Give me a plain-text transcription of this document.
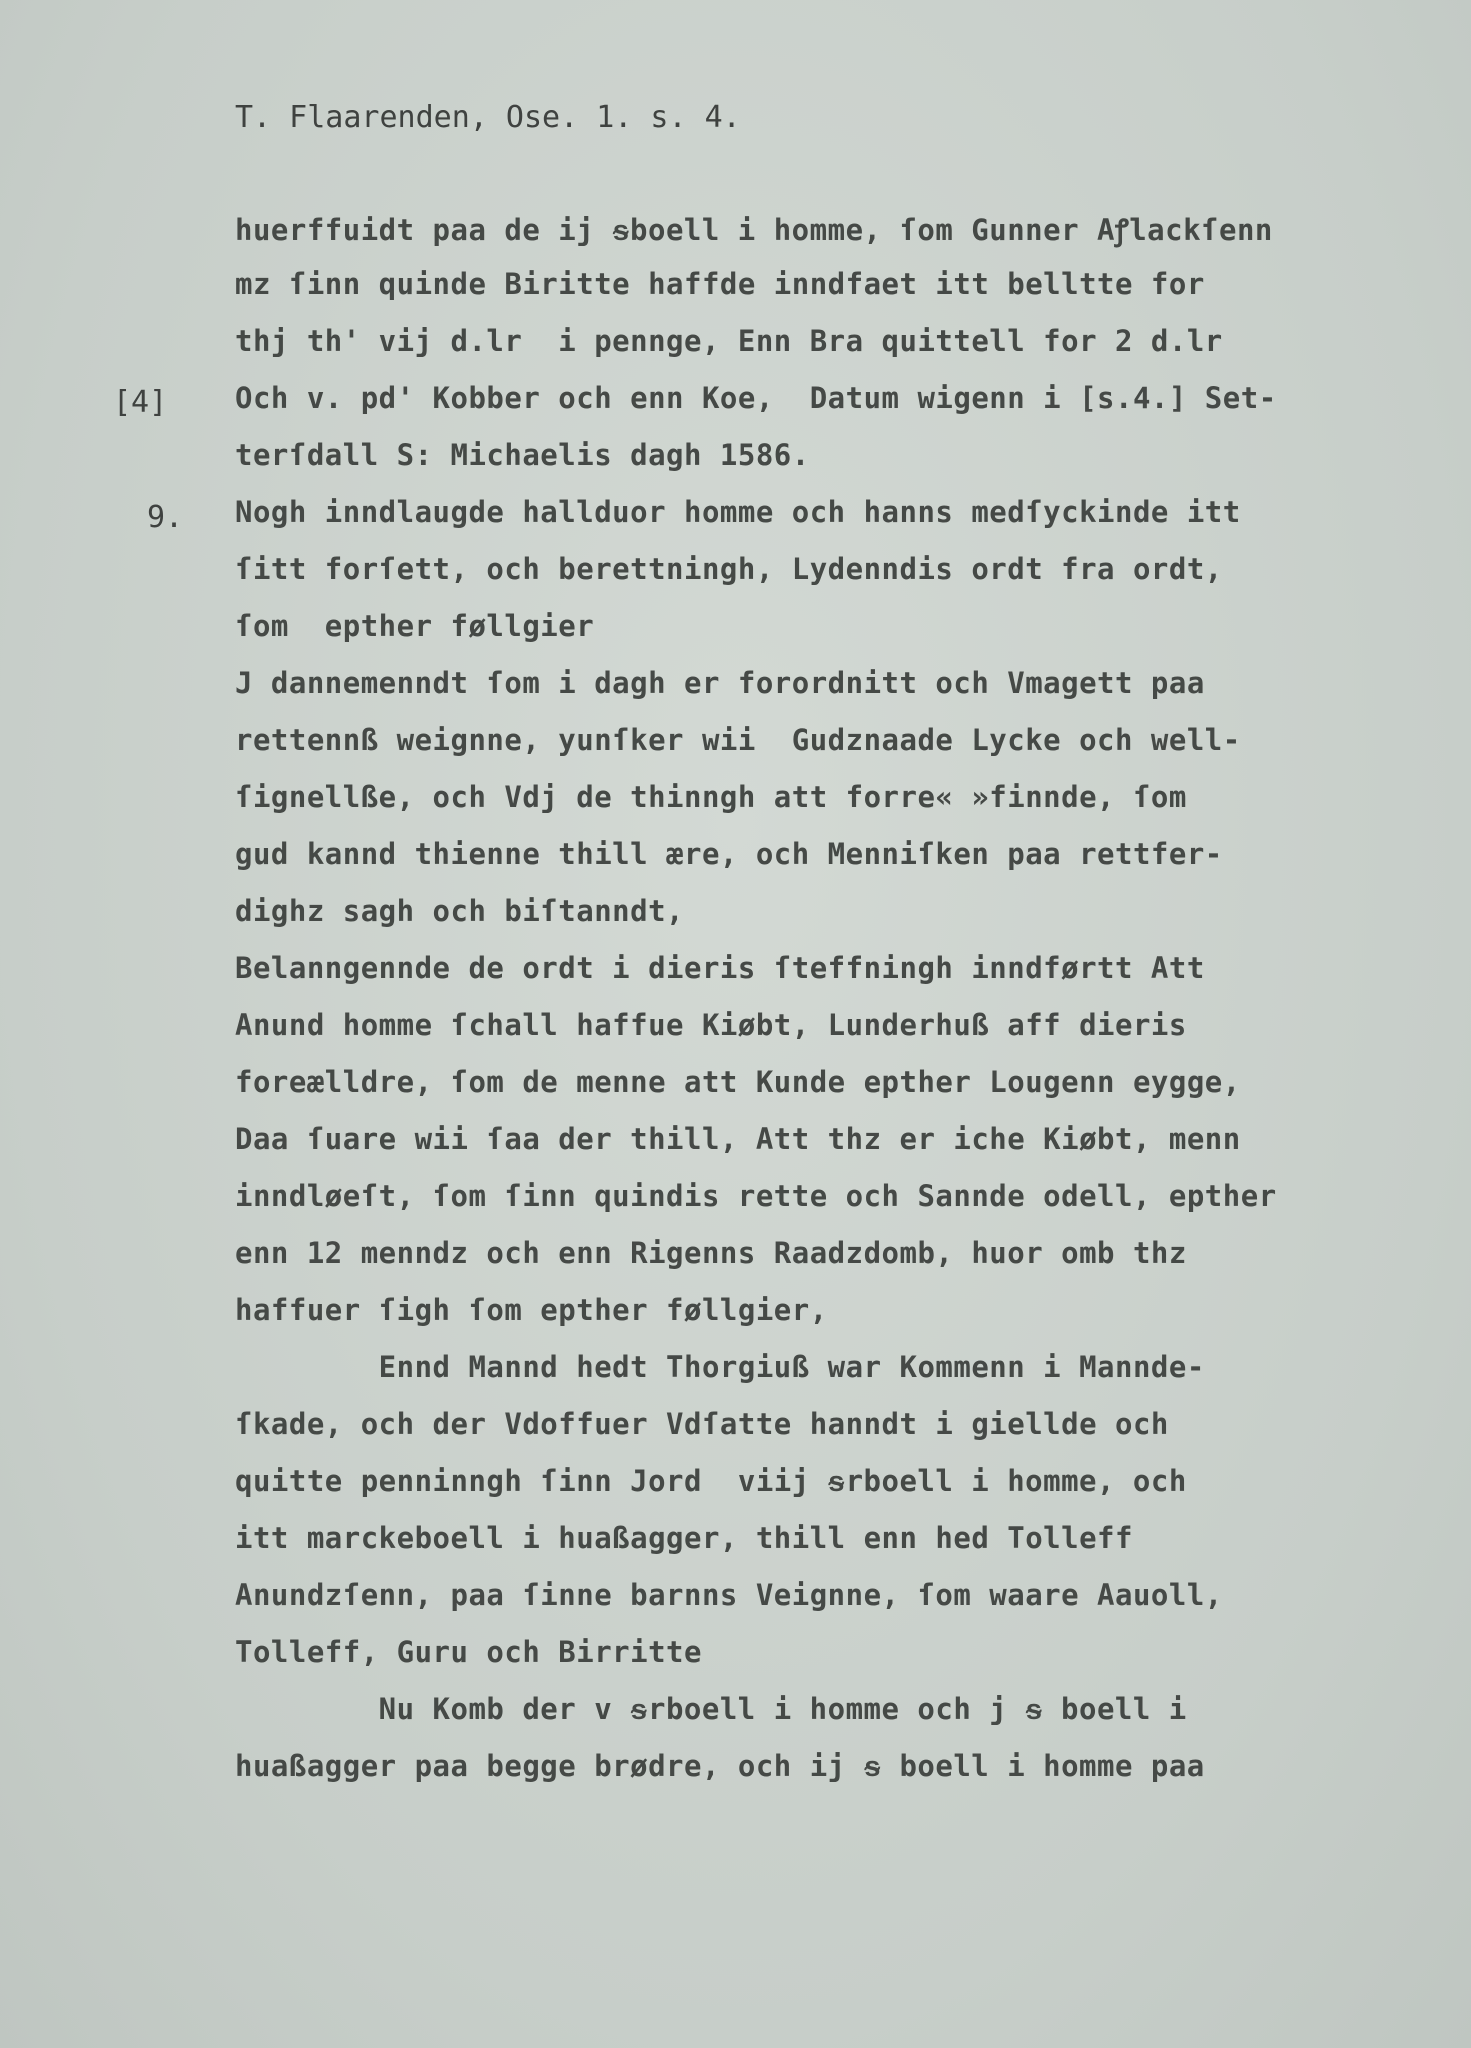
T. Flaarenden, Ose. 1. s. 4.
[4]
9.
huerffuidt paa de ij ᵴboell i homme, ſom Gunner Aꝭlackſenn
mz ſinn quinde Biritte haffde inndfaet itt belltte for
thj th' vij d.lr  i pennge, Enn Bra quittell for 2 d.lr
Och v. pd' Kobber och enn Koe,  Datum wigenn i [s.4.] Set-
terſdall S: Michaelis dagh 1586.
Nogh inndlaugde hallduor homme och hanns medſyckinde itt
ſitt forſett, och berettningh, Lydenndis ordt fra ordt,
ſom  epther føllgier
J dannemenndt ſom i dagh er forordnitt och Vmagett paa
rettennß weignne, yunſker wii  Gudznaade Lycke och well-
ſignellße, och Vdj de thinngh att forre« »finnde, ſom
gud kannd thienne thill ære, och Menniſken paa rettfer-
dighz sagh och biſtanndt,
Belanngennde de ordt i dieris ſteffningh inndførtt Att
Anund homme ſchall haffue Kiøbt, Lunderhuß aff dieris
foreælldre, ſom de menne att Kunde epther Lougenn eygge,
Daa ſuare wii ſaa der thill, Att thz er iche Kiøbt, menn
inndløeſt, ſom ſinn quindis rette och Sannde odell, epther
enn 12 menndz och enn Rigenns Raadzdomb, huor omb thz
haffuer ſigh ſom epther føllgier,
Ennd Mannd hedt Thorgiuß war Kommenn i Mannde-
ſkade, och der Vdoffuer Vdſatte hanndt i giellde och
quitte penninngh ſinn Jord  viij ᵴrboell i homme, och
itt marckeboell i huaßagger, thill enn hed Tolleff
Anundzſenn, paa ſinne barnns Veignne, ſom waare Aauoll,
Tolleff, Guru och Birritte
Nu Komb der v ᵴrboell i homme och j ᵴ boell i
huaßagger paa begge brødre, och ij ᵴ boell i homme paa
